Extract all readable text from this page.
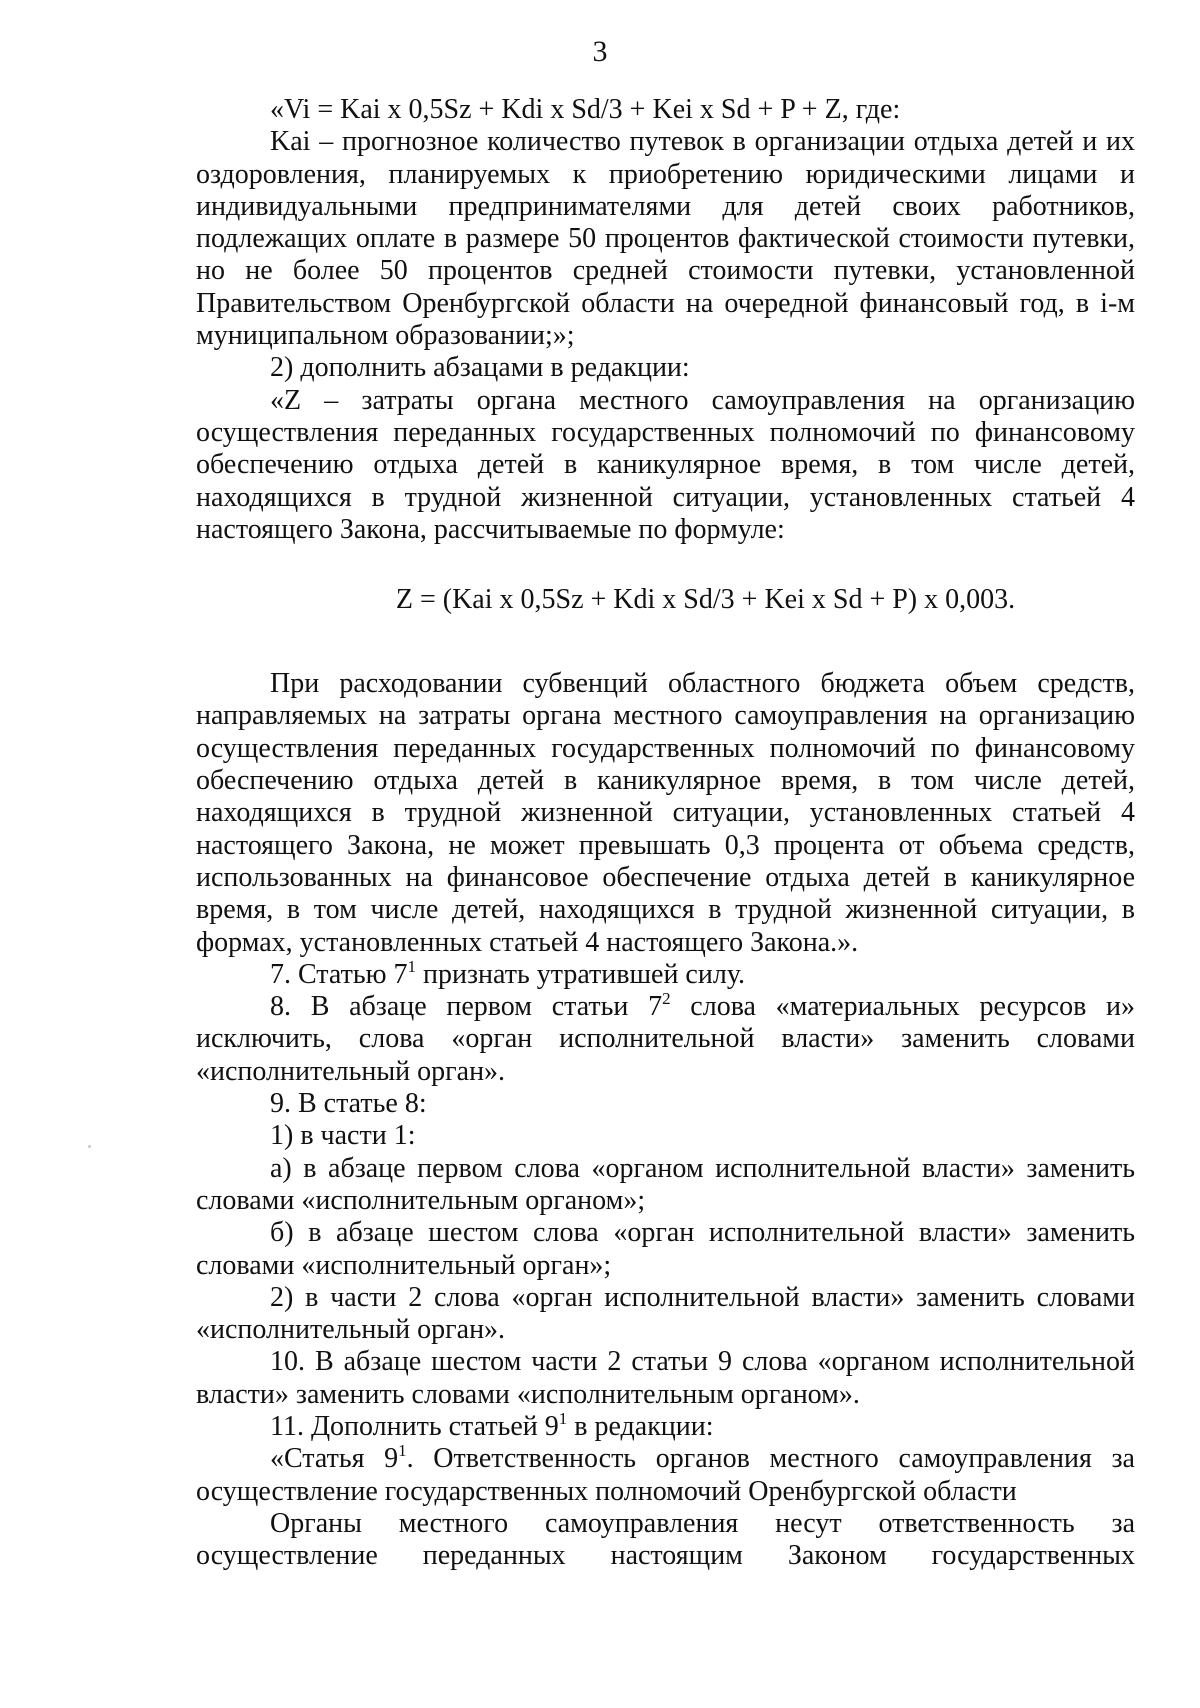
3

«Vi = Kai x 0,5Sz + Kdi x Sd/3 + Kei x Sd + P + Z, где:

Kai – прогнозное количество путевок в организации отдыха детей и их оздоровления, планируемых к приобретению юридическими лицами и индивидуальными предпринимателями для детей своих работников, подлежащих оплате в размере 50 процентов фактической стоимости путевки, но не более 50 процентов средней стоимости путевки, установленной Правительством Оренбургской области на очередной финансовый год, в i-м муниципальном образовании;»;

2) дополнить абзацами в редакции:

«Z – затраты органа местного самоуправления на организацию осуществления переданных государственных полномочий по финансовому обеспечению отдыха детей в каникулярное время, в том числе детей, находящихся в трудной жизненной ситуации, установленных статьей 4 настоящего Закона, рассчитываемые по формуле:

Z = (Kai x 0,5Sz + Kdi x Sd/3 + Kei x Sd + P) x 0,003.

При расходовании субвенций областного бюджета объем средств, направляемых на затраты органа местного самоуправления на организацию осуществления переданных государственных полномочий по финансовому обеспечению отдыха детей в каникулярное время, в том числе детей, находящихся в трудной жизненной ситуации, установленных статьей 4 настоящего Закона, не может превышать 0,3 процента от объема средств, использованных на финансовое обеспечение отдыха детей в каникулярное время, в том числе детей, находящихся в трудной жизненной ситуации, в формах, установленных статьей 4 настоящего Закона.».

7. Статью $7^1$ признать утратившей силу.

8. В абзаце первом статьи $7^2$ слова «материальных ресурсов и» исключить, слова «орган исполнительной власти» заменить словами «исполнительный орган».

9. В статье 8:

1) в части 1:

а) в абзаце первом слова «органом исполнительной власти» заменить словами «исполнительным органом»;

б) в абзаце шестом слова «орган исполнительной власти» заменить словами «исполнительный орган»;

2) в части 2 слова «орган исполнительной власти» заменить словами «исполнительный орган».

10. В абзаце шестом части 2 статьи 9 слова «органом исполнительной власти» заменить словами «исполнительным органом».

11. Дополнить статьей $9^1$ в редакции:

«Статья $9^1$. Ответственность органов местного самоуправления за осуществление государственных полномочий Оренбургской области

Органы местного самоуправления несут ответственность за осуществление переданных настоящим Законом государственных
